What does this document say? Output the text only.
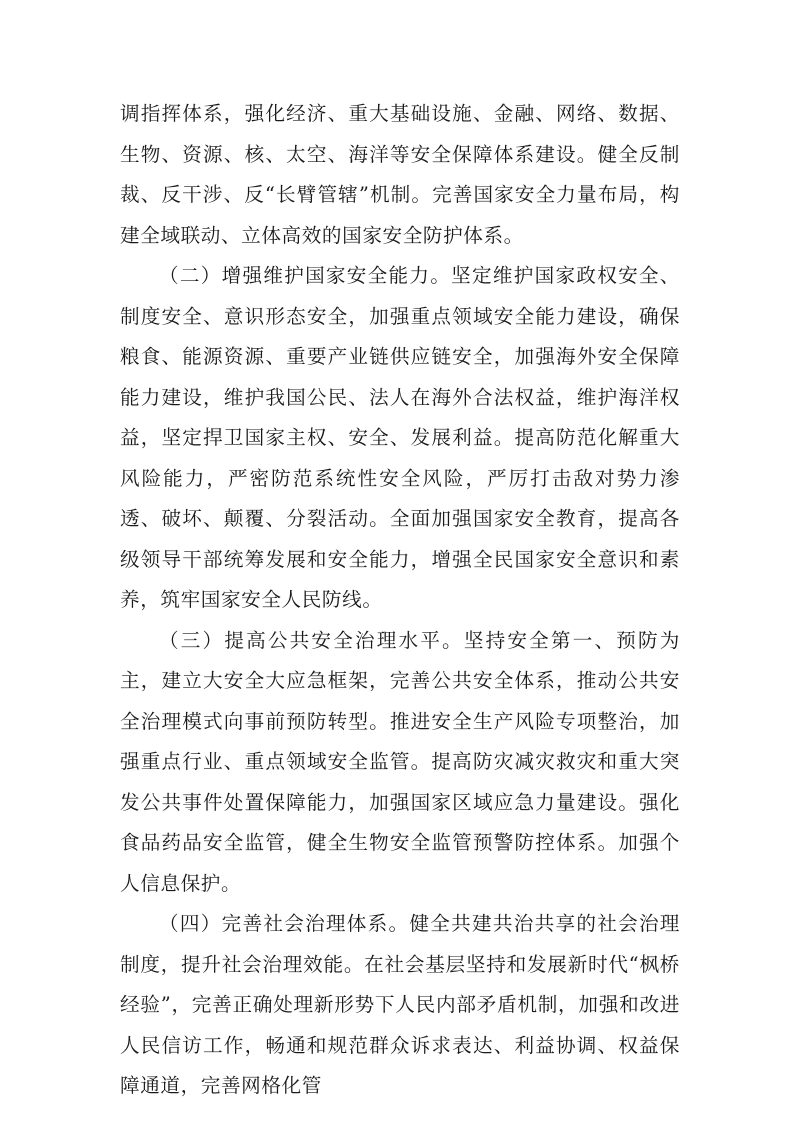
调指挥体系，强化经济、重大基础设施、金融、网络、数据、生物、资源、核、太空、海洋等安全保障体系建设。健全反制裁、反干涉、反“长臂管辖”机制。完善国家安全力量布局，构建全域联动、立体高效的国家安全防护体系。

（二）增强维护国家安全能力。坚定维护国家政权安全、制度安全、意识形态安全，加强重点领域安全能力建设，确保粮食、能源资源、重要产业链供应链安全，加强海外安全保障能力建设，维护我国公民、法人在海外合法权益，维护海洋权益，坚定捍卫国家主权、安全、发展利益。提高防范化解重大风险能力，严密防范系统性安全风险，严厉打击敌对势力渗透、破坏、颠覆、分裂活动。全面加强国家安全教育，提高各级领导干部统筹发展和安全能力，增强全民国家安全意识和素养，筑牢国家安全人民防线。

（三）提高公共安全治理水平。坚持安全第一、预防为主，建立大安全大应急框架，完善公共安全体系，推动公共安全治理模式向事前预防转型。推进安全生产风险专项整治，加强重点行业、重点领域安全监管。提高防灾减灾救灾和重大突发公共事件处置保障能力，加强国家区域应急力量建设。强化食品药品安全监管，健全生物安全监管预警防控体系。加强个人信息保护。

（四）完善社会治理体系。健全共建共治共享的社会治理制度，提升社会治理效能。在社会基层坚持和发展新时代“枫桥经验”，完善正确处理新形势下人民内部矛盾机制，加强和改进人民信访工作，畅通和规范群众诉求表达、利益协调、权益保障通道，完善网格化管
